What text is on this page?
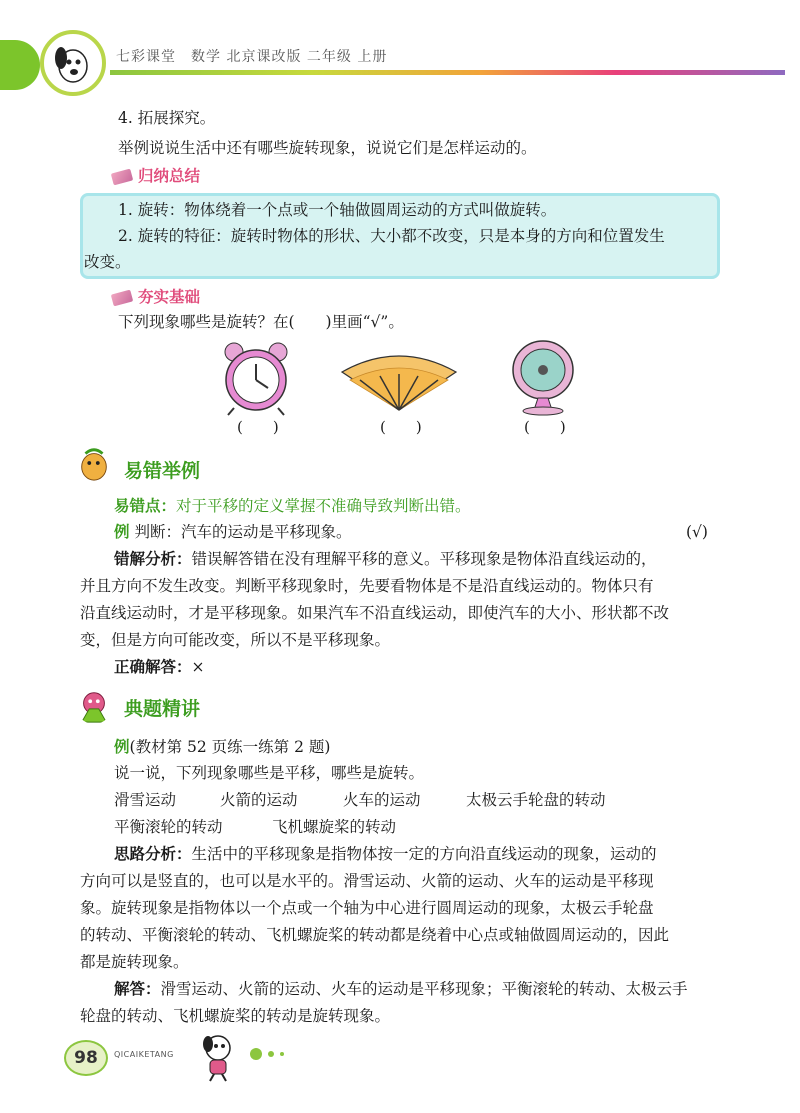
七彩课堂　数学 北京课改版 二年级 上册
4. 拓展探究。
举例说说生活中还有哪些旋转现象，说说它们是怎样运动的。
归纳总结
1. 旋转：物体绕着一个点或一个轴做圆周运动的方式叫做旋转。
2. 旋转的特征：旋转时物体的形状、大小都不改变，只是本身的方向和位置发生
改变。
夯实基础
下列现象哪些是旋转？在(　　)里画“√”。
(　　)	(　　)	(　　)
易错举例
易错点：对于平移的定义掌握不准确导致判断出错。
例 判断：汽车的运动是平移现象。	(√)
错解分析：错误解答错在没有理解平移的意义。平移现象是物体沿直线运动的，
并且方向不发生改变。判断平移现象时，先要看物体是不是沿直线运动的。物体只有
沿直线运动时，才是平移现象。如果汽车不沿直线运动，即使汽车的大小、形状都不改
变，但是方向可能改变，所以不是平移现象。
正确解答：×
典题精讲
例(教材第 52 页练一练第 2 题)
说一说，下列现象哪些是平移，哪些是旋转。
滑雪运动	火箭的运动	火车的运动	太极云手轮盘的转动
平衡滚轮的转动	飞机螺旋桨的转动
思路分析：生活中的平移现象是指物体按一定的方向沿直线运动的现象，运动的
方向可以是竖直的，也可以是水平的。滑雪运动、火箭的运动、火车的运动是平移现
象。旋转现象是指物体以一个点或一个轴为中心进行圆周运动的现象，太极云手轮盘
的转动、平衡滚轮的转动、飞机螺旋桨的转动都是绕着中心点或轴做圆周运动的，因此
都是旋转现象。
解答：滑雪运动、火箭的运动、火车的运动是平移现象；平衡滚轮的转动、太极云手
轮盘的转动、飞机螺旋桨的转动是旋转现象。
98	QICAIKETANG
